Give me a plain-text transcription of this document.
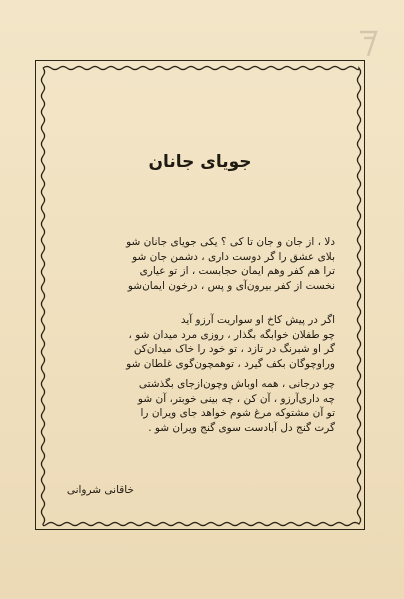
جویای جانان
دلا ، از جان و جان تا کی ؟ یکی جویای جانان شو
بلای عشق را گر دوست داری ، دشمن جان شو
ترا هم کفر وهم ایمان حجابست ، از تو عیاری
نخست از کفر بیرون‌آی و پس ، درخون ایمان‌شو
اگر در پیش کاخ او سواریت آرزو آید
چو طفلان خوابگه بگذار ، روزی مرد میدان شو ،
گر او شبرنگ در تازد ، تو خود را خاک میدان‌کن
وراوچوگان بکف گیرد ، توهمچون‌گوی غلطان شو
چو درجانی ، همه اوباش وچون‌ازجای بگذشتی
چه داری‌آرزو ، آن کن ، چه بینی خوبتر، آن شو
تو آن مشتوکه مرغ شوم خواهد جای ویران را
گرت گنج دل آبادست سوی گنج ویران شو .
خاقانی شروانی
